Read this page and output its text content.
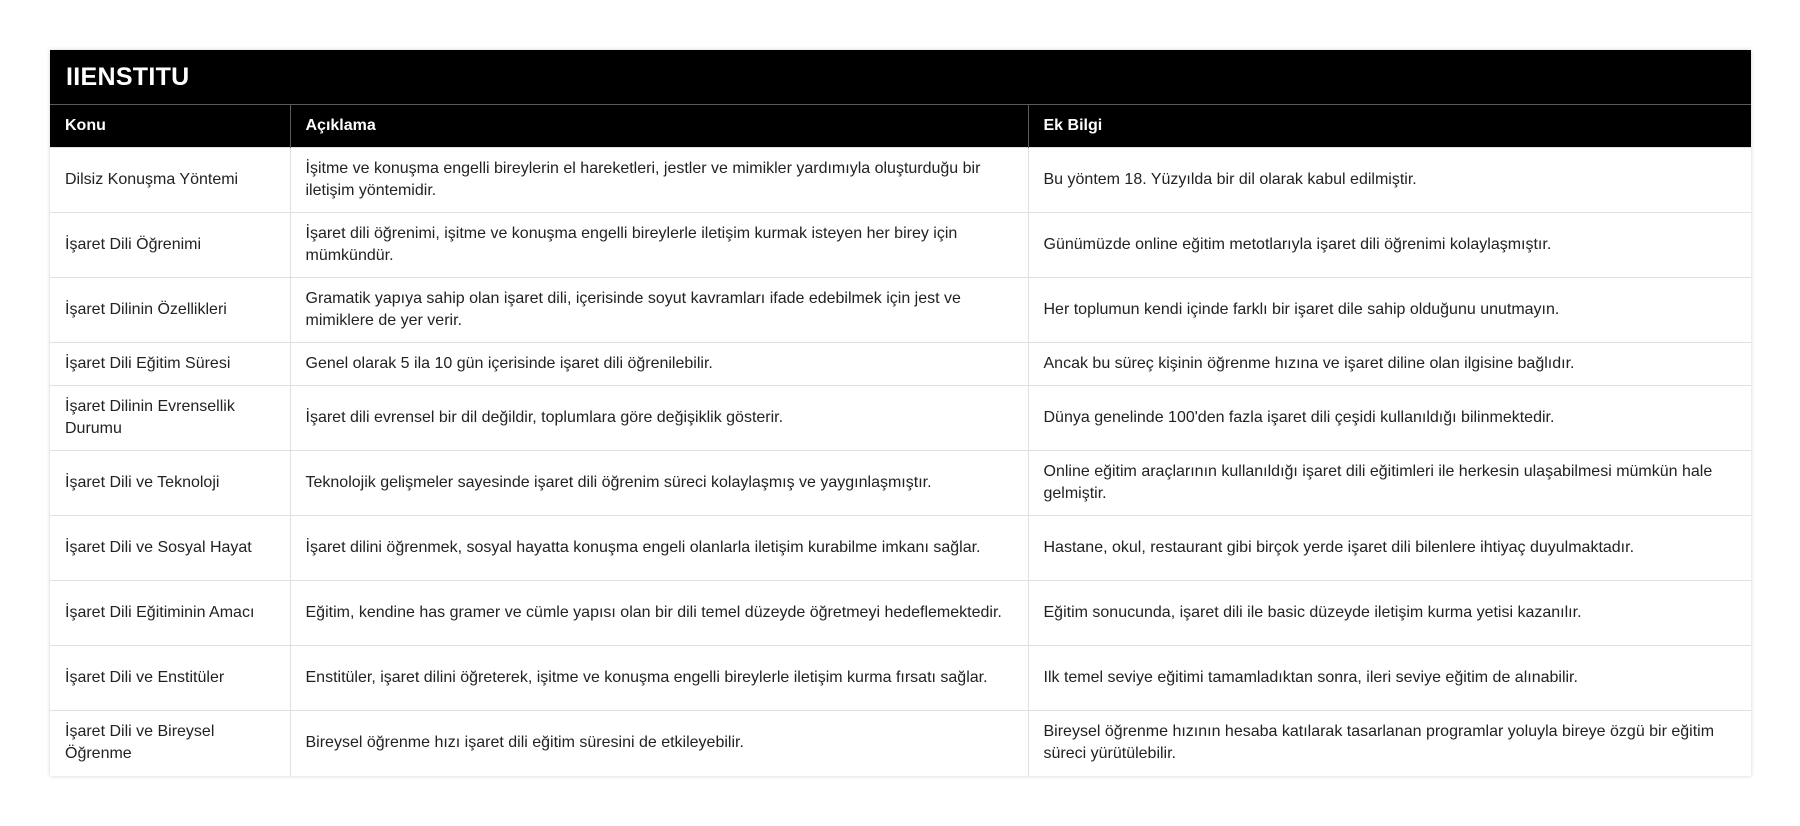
IIENSTITU
Konu	Açıklama	Ek Bilgi
Dilsiz Konuşma Yöntemi	İşitme ve konuşma engelli bireylerin el hareketleri, jestler ve mimikler yardımıyla oluşturduğu bir iletişim yöntemidir.	Bu yöntem 18. Yüzyılda bir dil olarak kabul edilmiştir.
İşaret Dili Öğrenimi	İşaret dili öğrenimi, işitme ve konuşma engelli bireylerle iletişim kurmak isteyen her birey için mümkündür.	Günümüzde online eğitim metotlarıyla işaret dili öğrenimi kolaylaşmıştır.
İşaret Dilinin Özellikleri	Gramatik yapıya sahip olan işaret dili, içerisinde soyut kavramları ifade edebilmek için jest ve mimiklere de yer verir.	Her toplumun kendi içinde farklı bir işaret dile sahip olduğunu unutmayın.
İşaret Dili Eğitim Süresi	Genel olarak 5 ila 10 gün içerisinde işaret dili öğrenilebilir.	Ancak bu süreç kişinin öğrenme hızına ve işaret diline olan ilgisine bağlıdır.
İşaret Dilinin Evrensellik Durumu	İşaret dili evrensel bir dil değildir, toplumlara göre değişiklik gösterir.	Dünya genelinde 100'den fazla işaret dili çeşidi kullanıldığı bilinmektedir.
İşaret Dili ve Teknoloji	Teknolojik gelişmeler sayesinde işaret dili öğrenim süreci kolaylaşmış ve yaygınlaşmıştır.	Online eğitim araçlarının kullanıldığı işaret dili eğitimleri ile herkesin ulaşabilmesi mümkün hale gelmiştir.
İşaret Dili ve Sosyal Hayat	İşaret dilini öğrenmek, sosyal hayatta konuşma engeli olanlarla iletişim kurabilme imkanı sağlar.	Hastane, okul, restaurant gibi birçok yerde işaret dili bilenlere ihtiyaç duyulmaktadır.
İşaret Dili Eğitiminin Amacı	Eğitim, kendine has gramer ve cümle yapısı olan bir dili temel düzeyde öğretmeyi hedeflemektedir.	Eğitim sonucunda, işaret dili ile basic düzeyde iletişim kurma yetisi kazanılır.
İşaret Dili ve Enstitüler	Enstitüler, işaret dilini öğreterek, işitme ve konuşma engelli bireylerle iletişim kurma fırsatı sağlar.	Ilk temel seviye eğitimi tamamladıktan sonra, ileri seviye eğitim de alınabilir.
İşaret Dili ve Bireysel Öğrenme	Bireysel öğrenme hızı işaret dili eğitim süresini de etkileyebilir.	Bireysel öğrenme hızının hesaba katılarak tasarlanan programlar yoluyla bireye özgü bir eğitim süreci yürütülebilir.
